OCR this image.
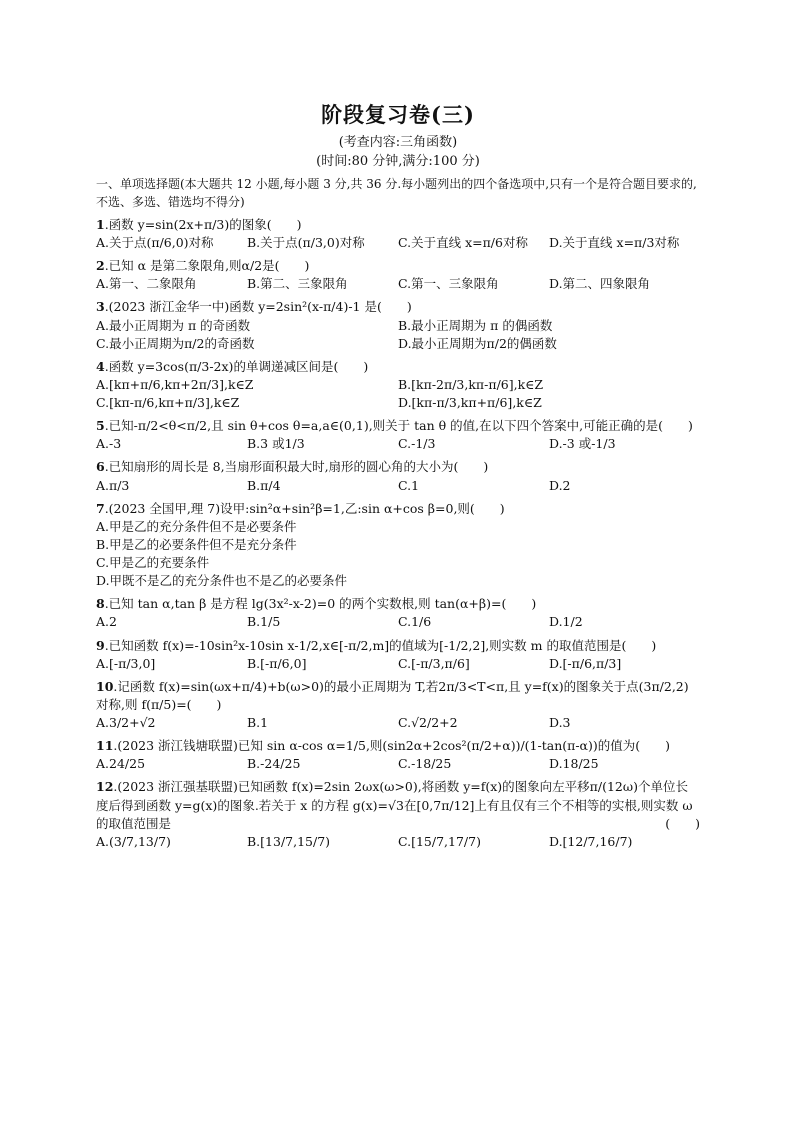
阶段复习卷(三)
(考查内容:三角函数)
(时间:80 分钟,满分:100 分)
一、单项选择题(本大题共 12 小题,每小题 3 分,共 36 分.每小题列出的四个备选项中,只有一个是符合题目要求的,不选、多选、错选均不得分)
1.函数 y=sin(2x+π/3)的图象(　　)
A.关于点(π/6,0)对称	B.关于点(π/3,0)对称	C.关于直线 x=π/6对称	D.关于直线 x=π/3对称
2.已知 α 是第二象限角,则α/2是(　　)
A.第一、二象限角	B.第二、三象限角	C.第一、三象限角	D.第二、四象限角
3.(2023 浙江金华一中)函数 y=2sin²(x-π/4)-1 是(　　)
A.最小正周期为 π 的奇函数	B.最小正周期为 π 的偶函数
C.最小正周期为π/2的奇函数	D.最小正周期为π/2的偶函数
4.函数 y=3cos(π/3-2x)的单调递减区间是(　　)
A.[kπ+π/6,kπ+2π/3],k∈Z	B.[kπ-2π/3,kπ-π/6],k∈Z
C.[kπ-π/6,kπ+π/3],k∈Z	D.[kπ-π/3,kπ+π/6],k∈Z
5.已知-π/2<θ<π/2,且 sin θ+cos θ=a,a∈(0,1),则关于 tan θ 的值,在以下四个答案中,可能正确的是(　　)
A.-3	B.3 或1/3	C.-1/3	D.-3 或-1/3
6.已知扇形的周长是 8,当扇形面积最大时,扇形的圆心角的大小为(　　)
A.π/3	B.π/4	C.1	D.2
7.(2023 全国甲,理 7)设甲:sin²α+sin²β=1,乙:sin α+cos β=0,则(　　)
A.甲是乙的充分条件但不是必要条件
B.甲是乙的必要条件但不是充分条件
C.甲是乙的充要条件
D.甲既不是乙的充分条件也不是乙的必要条件
8.已知 tan α,tan β 是方程 lg(3x²-x-2)=0 的两个实数根,则 tan(α+β)=(　　)
A.2	B.1/5	C.1/6	D.1/2
9.已知函数 f(x)=-10sin²x-10sin x-1/2,x∈[-π/2,m]的值域为[-1/2,2],则实数 m 的取值范围是(　　)
A.[-π/3,0]	B.[-π/6,0]	C.[-π/3,π/6]	D.[-π/6,π/3]
10.记函数 f(x)=sin(ωx+π/4)+b(ω>0)的最小正周期为 T,若2π/3<T<π,且 y=f(x)的图象关于点(3π/2,2)对称,则 f(π/5)=(　　)
A.3/2+√2	B.1	C.√2/2+2	D.3
11.(2023 浙江钱塘联盟)已知 sin α-cos α=1/5,则(sin2α+2cos²(π/2+α))/(1-tan(π-α))的值为(　　)
A.24/25	B.-24/25	C.-18/25	D.18/25
12.(2023 浙江强基联盟)已知函数 f(x)=2sin 2ωx(ω>0),将函数 y=f(x)的图象向左平移π/(12ω)个单位长度后得到函数 y=g(x)的图象.若关于 x 的方程 g(x)=√3在[0,7π/12]上有且仅有三个不相等的实根,则实数 ω 的取值范围是	(　　)
A.(3/7,13/7)	B.[13/7,15/7)	C.[15/7,17/7)	D.[12/7,16/7)
